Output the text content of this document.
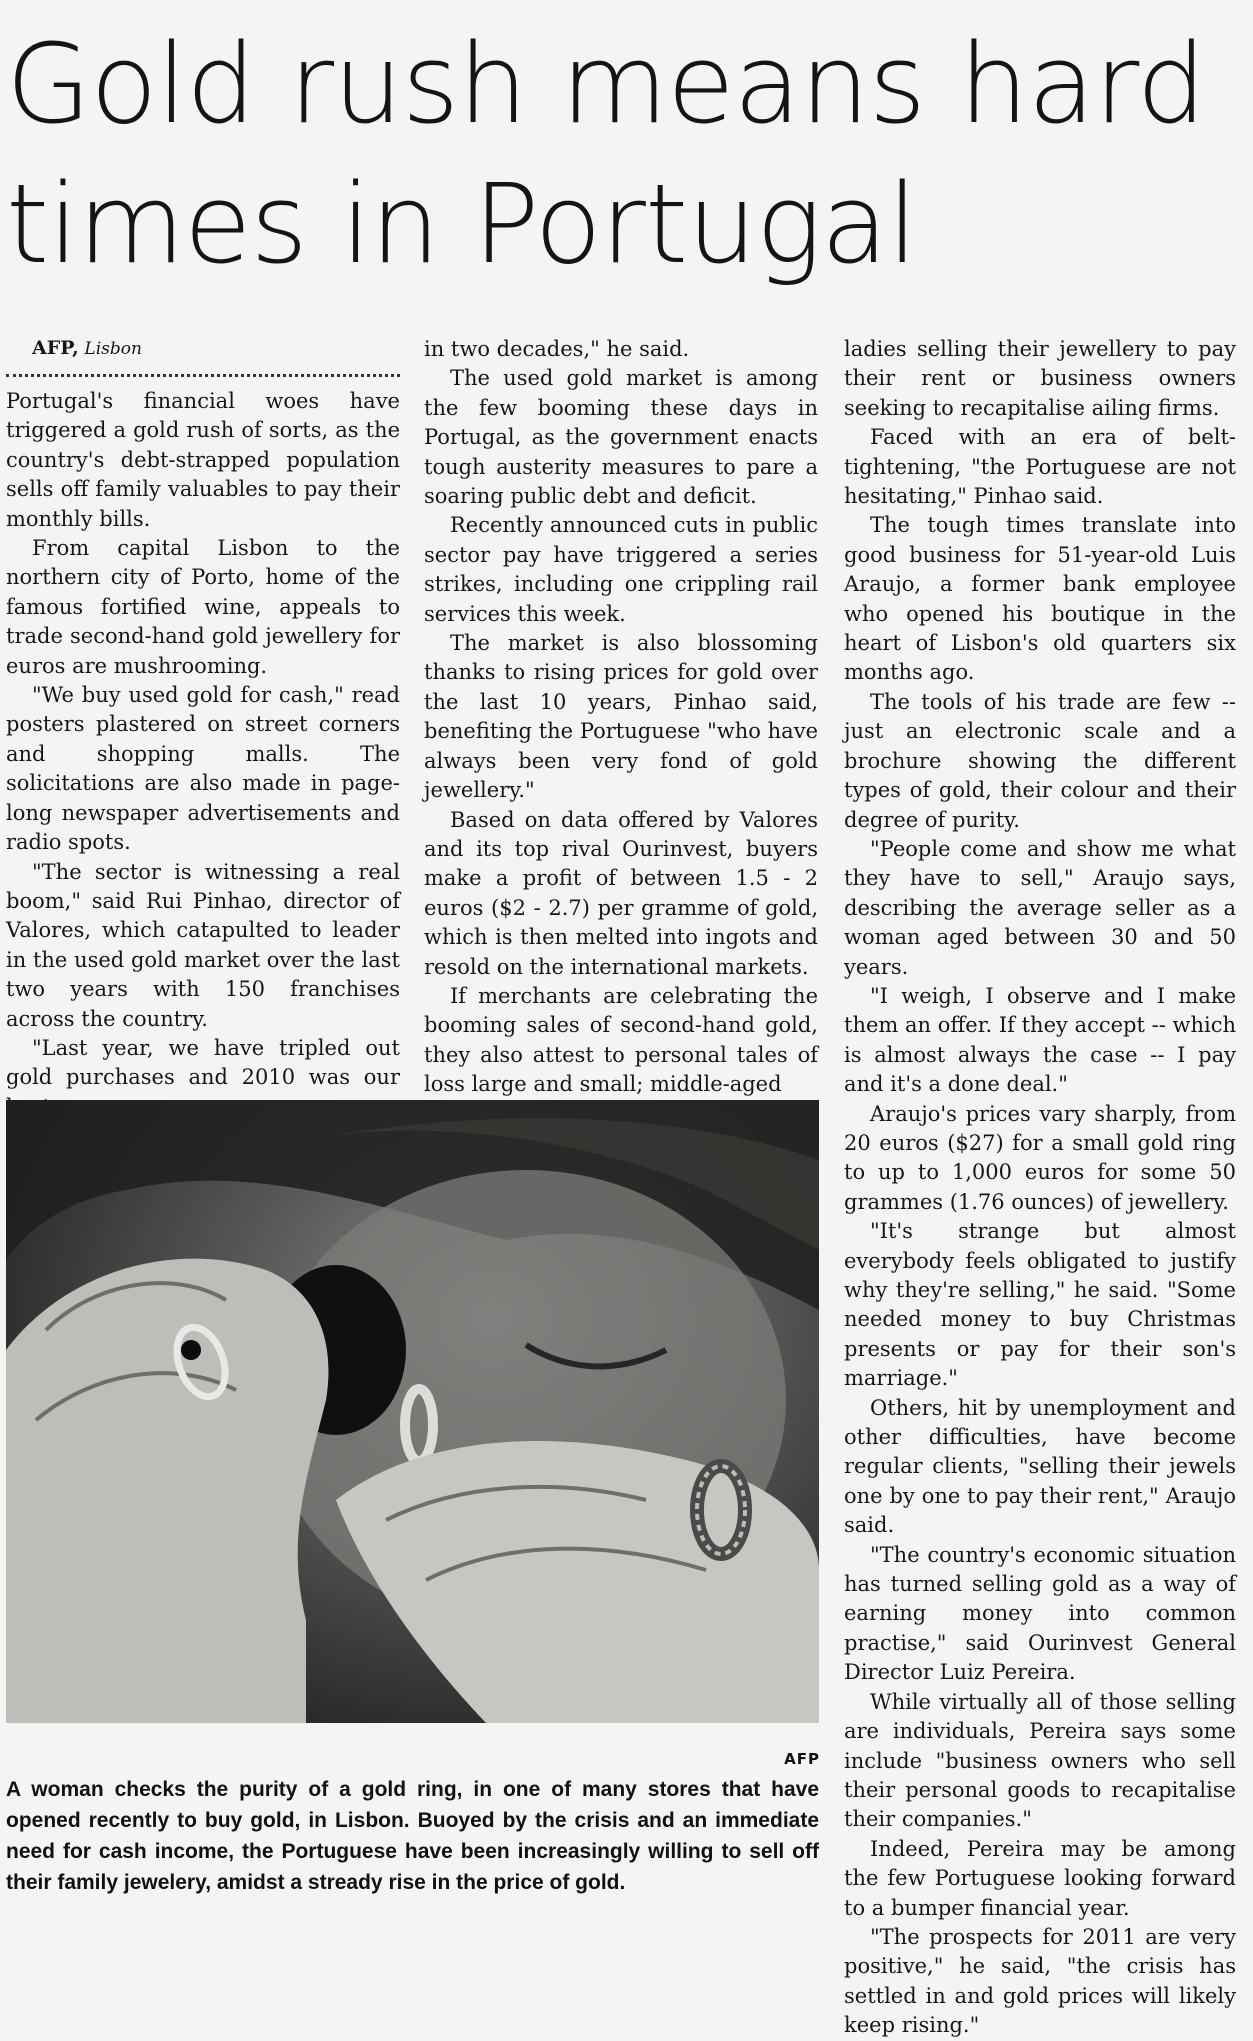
Gold rush means hard times in Portugal

AFP, Lisbon

Portugal's financial woes have triggered a gold rush of sorts, as the country's debt-strapped population sells off family valuables to pay their monthly bills.

From capital Lisbon to the northern city of Porto, home of the famous fortified wine, appeals to trade second-hand gold jewellery for euros are mushrooming.

"We buy used gold for cash," read posters plastered on street corners and shopping malls. The solicitations are also made in page-long newspaper advertisements and radio spots.

"The sector is witnessing a real boom," said Rui Pinhao, director of Valores, which catapulted to leader in the used gold market over the last two years with 150 franchises across the country.

"Last year, we have tripled out gold purchases and 2010 was our

in two decades," he said.

The used gold market is among the few booming these days in Portugal, as the government enacts tough austerity measures to pare a soaring public debt and deficit.

Recently announced cuts in public sector pay have triggered a series strikes, including one crippling rail services this week.

The market is also blossoming thanks to rising prices for gold over the last 10 years, Pinhao said, benefiting the Portuguese "who have always been very fond of gold jewellery."

Based on data offered by Valores and its top rival Ourinvest, buyers make a profit of between 1.5 - 2 euros ($2 - 2.7) per gramme of gold, which is then melted into ingots and resold on the international markets.

If merchants are celebrating the booming sales of second-hand gold, they also attest to personal tales of loss large and small; middle-aged

ladies selling their jewellery to pay their rent or business owners seeking to recapitalise ailing firms.

Faced with an era of belt-tightening, "the Portuguese are not hesitating," Pinhao said.

The tough times translate into good business for 51-year-old Luis Araujo, a former bank employee who opened his boutique in the heart of Lisbon's old quarters six months ago.

The tools of his trade are few -- just an electronic scale and a brochure showing the different types of gold, their colour and their degree of purity.

"People come and show me what they have to sell," Araujo says, describing the average seller as a woman aged between 30 and 50 years.

"I weigh, I observe and I make them an offer. If they accept -- which is almost always the case -- I pay and it's a done deal."

Araujo's prices vary sharply, from 20 euros ($27) for a small gold ring to up to 1,000 euros for some 50 grammes (1.76 ounces) of jewellery.

"It's strange but almost everybody feels obligated to justify why they're selling," he said. "Some needed money to buy Christmas presents or pay for their son's marriage."

Others, hit by unemployment and other difficulties, have become regular clients, "selling their jewels one by one to pay their rent," Araujo said.

"The country's economic situation has turned selling gold as a way of earning money into common practise," said Ourinvest General Director Luiz Pereira.

While virtually all of those selling are individuals, Pereira says some include "business owners who sell their personal goods to recapitalise their companies."

Indeed, Pereira may be among the few Portuguese looking forward to a bumper financial year.

"The prospects for 2011 are very positive," he said, "the crisis has settled in and gold prices will likely keep rising."

AFP
A woman checks the purity of a gold ring, in one of many stores that have opened recently to buy gold, in Lisbon. Buoyed by the crisis and an immediate need for cash income, the Portuguese have been increasingly willing to sell off their family jewelery, amidst a stready rise in the price of gold.
